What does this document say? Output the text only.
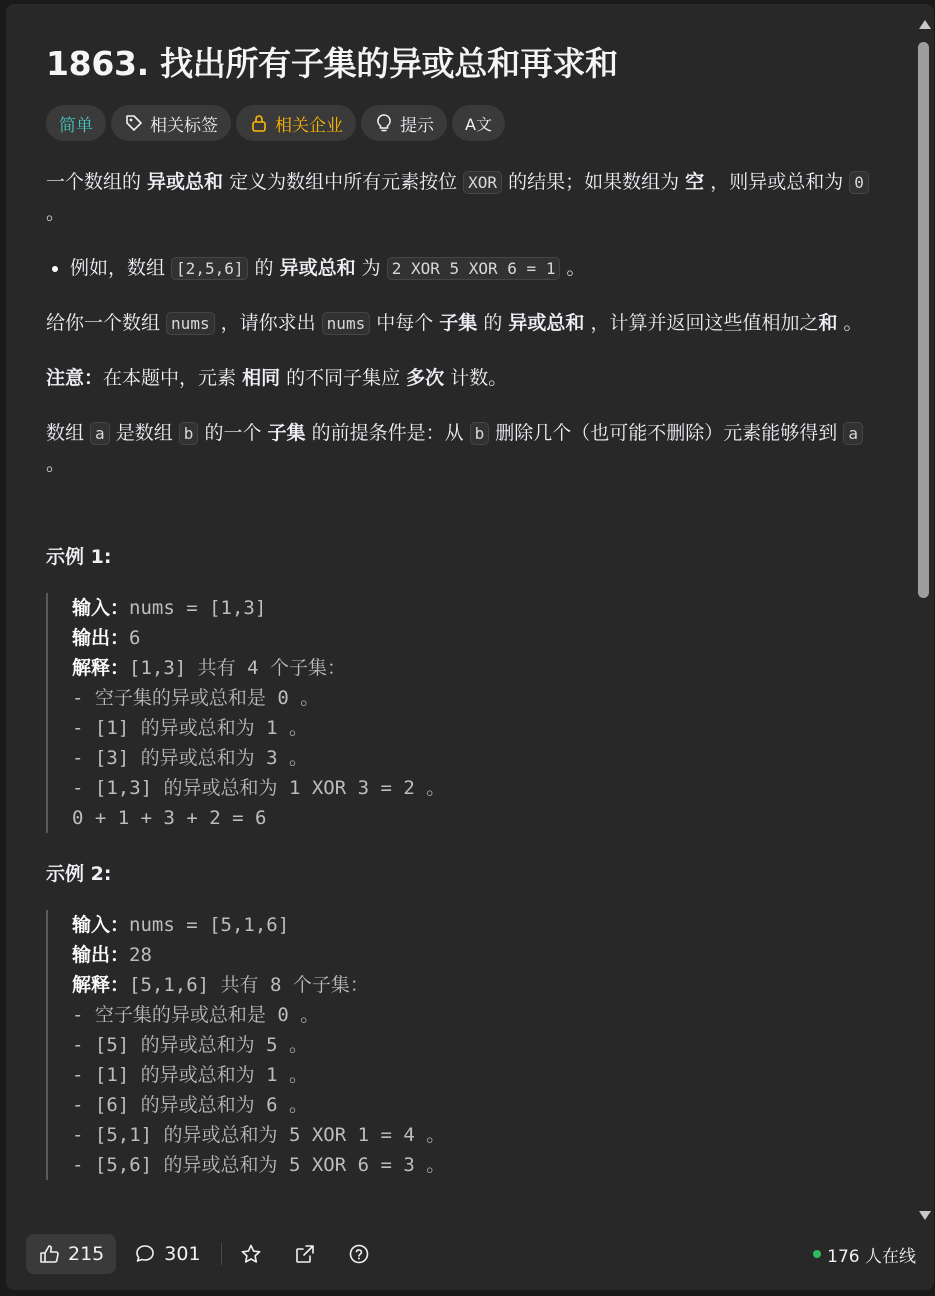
1863. 找出所有子集的异或总和再求和
简单	相关标签	相关企业	提示 A文

一个数组的 异或总和 定义为数组中所有元素按位 XOR 的结果；如果数组为 空 ，则异或总和为 0 。

• 例如，数组 [2,5,6] 的 异或总和 为 2 XOR 5 XOR 6 = 1 。

给你一个数组 nums ，请你求出 nums 中每个 子集 的 异或总和 ，计算并返回这些值相加之和 。

注意：在本题中，元素 相同 的不同子集应 多次 计数。

数组 a 是数组 b 的一个 子集 的前提条件是：从 b 删除几个（也可能不删除）元素能够得到 a 。

示例 1:
输入：nums = [1,3]
输出：6
解释：[1,3] 共有 4 个子集：
- 空子集的异或总和是 0 。
- [1] 的异或总和为 1 。
- [3] 的异或总和为 3 。
- [1,3] 的异或总和为 1 XOR 3 = 2 。
0 + 1 + 3 + 2 = 6
示例 2:
输入：nums = [5,1,6]
输出：28
解释：[5,1,6] 共有 8 个子集：
- 空子集的异或总和是 0 。
- [5] 的异或总和为 5 。
- [1] 的异或总和为 1 。
- [6] 的异或总和为 6 。
- [5,1] 的异或总和为 5 XOR 1 = 4 。
- [5,6] 的异或总和为 5 XOR 6 = 3 。
215	301	176 人在线
